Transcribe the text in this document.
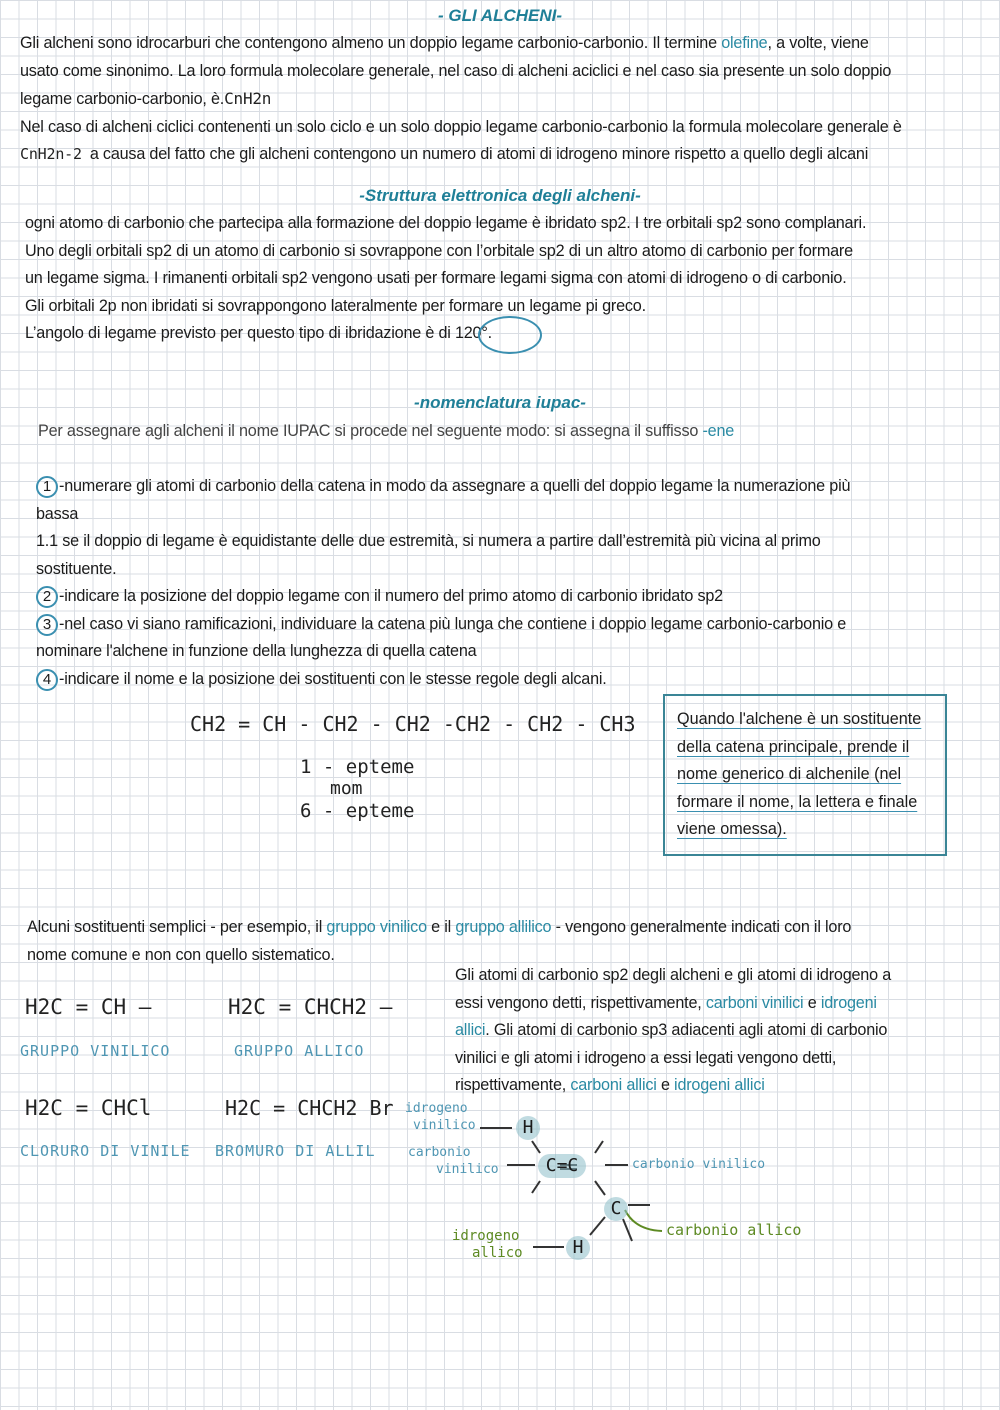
- GLI ALCHENI-
Gli alcheni sono idrocarburi che contengono almeno un doppio legame carbonio-carbonio. Il termine olefine, a volte, viene
usato come sinonimo. La loro formula molecolare generale, nel caso di alcheni aciclici e nel caso sia presente un solo doppio
legame carbonio-carbonio, è.CnH2n
Nel caso di alcheni ciclici contenenti un solo ciclo e un solo doppio legame carbonio-carbonio la formula molecolare generale è
CnH2n-2 a causa del fatto che gli alcheni contengono un numero di atomi di idrogeno minore rispetto a quello degli alcani
-Struttura elettronica degli alcheni-
ogni atomo di carbonio che partecipa alla formazione del doppio legame è ibridato sp2. I tre orbitali sp2 sono complanari.
Uno degli orbitali sp2 di un atomo di carbonio si sovrappone con l’orbitale sp2 di un altro atomo di carbonio per formare
un legame sigma. I rimanenti orbitali sp2 vengono usati per formare legami sigma con atomi di idrogeno o di carbonio.
Gli orbitali 2p non ibridati si sovrappongono lateralmente per formare un legame pi greco.
L’angolo di legame previsto per questo tipo di ibridazione è di 120°.
-nomenclatura iupac-
Per assegnare agli alcheni il nome IUPAC si procede nel seguente modo: si assegna il suffisso -ene
1 -numerare gli atomi di carbonio della catena in modo da assegnare a quelli del doppio legame la numerazione più
bassa
1.1 se il doppio di legame è equidistante delle due estremità, si numera a partire dall’estremità più vicina al primo
sostituente.
2 -indicare la posizione del doppio legame con il numero del primo atomo di carbonio ibridato sp2
3 -nel caso vi siano ramificazioni, individuare la catena più lunga che contiene i doppio legame carbonio-carbonio e
nominare l'alchene in funzione della lunghezza di quella catena
4 -indicare il nome e la posizione dei sostituenti con le stesse regole degli alcani.
CH2 = CH - CH2 - CH2 -CH2 - CH2 - CH3
1 - epteme
mom
6 - epteme
Quando l'alchene è un sostituente
della catena principale, prende il
nome generico di alchenile (nel
formare il nome, la lettera e finale
viene omessa).
Alcuni sostituenti semplici - per esempio, il gruppo vinilico e il gruppo allilico - vengono generalmente indicati con il loro
nome comune e non con quello sistematico.
H2C = CH –
GRUPPO VINILICO
H2C = CHCH2 –
GRUPPO ALLICO
H2C = CHCl
CLORURO DI VINILE
H2C = CHCH2 Br
BROMURO DI ALLIL
Gli atomi di carbonio sp2 degli alcheni e gli atomi di idrogeno a
essi vengono detti, rispettivamente, carboni vinilici e idrogeni
allici. Gli atomi di carbonio sp3 adiacenti agli atomi di carbonio
vinilici e gli atomi i idrogeno a essi legati vengono detti,
rispettivamente, carboni allici e idrogeni allici
H
C=C
C
H
idrogeno
vinilico
carbonio
vinilico	carbonio vinilico
carbonio allico
idrogeno
allico
